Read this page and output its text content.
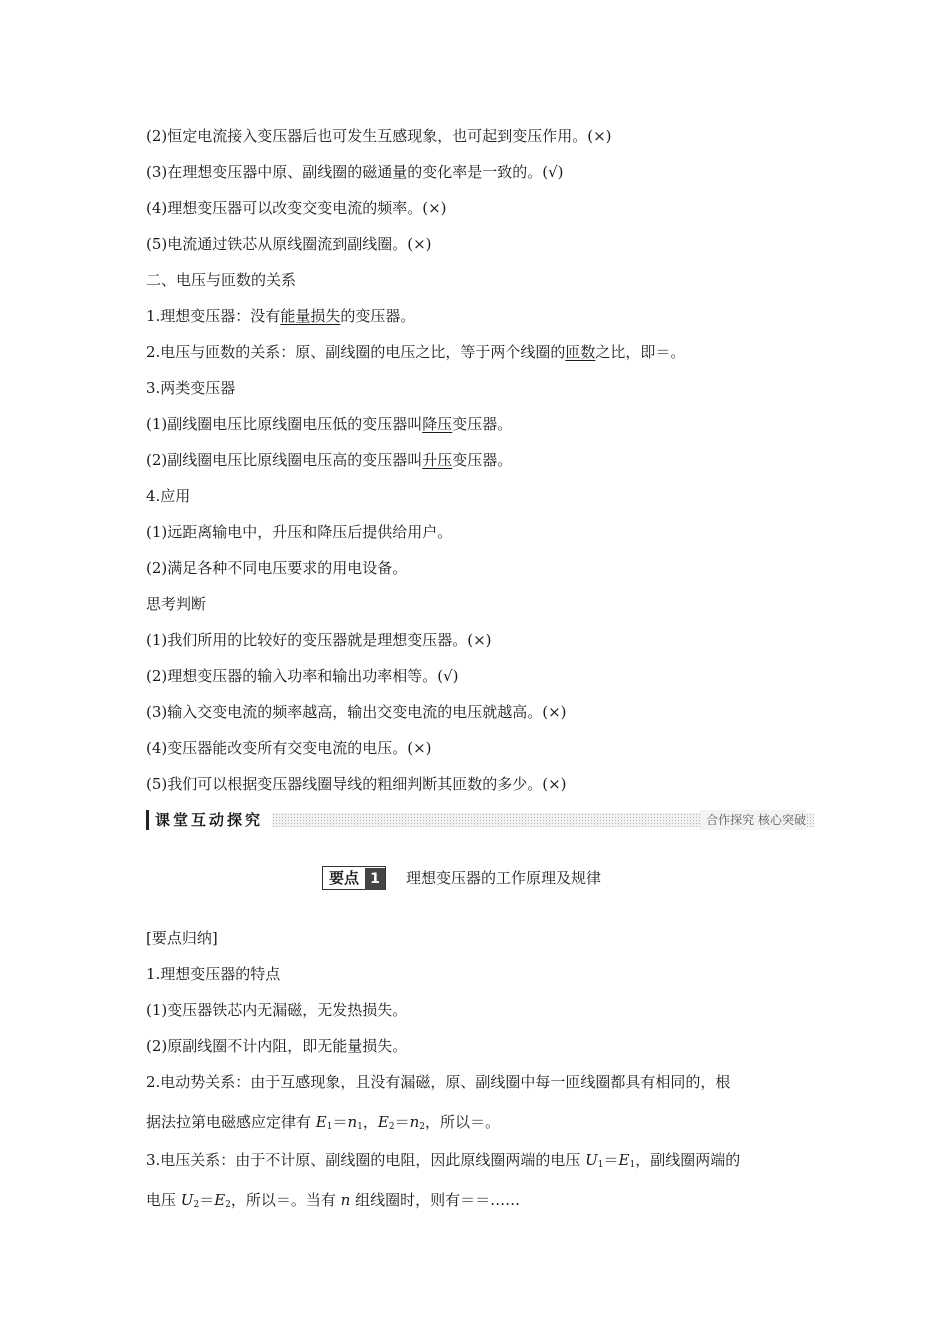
(2)恒定电流接入变压器后也可发生互感现象，也可起到变压作用。(×)
(3)在理想变压器中原、副线圈的磁通量的变化率是一致的。(√)
(4)理想变压器可以改变交变电流的频率。(×)
(5)电流通过铁芯从原线圈流到副线圈。(×)
二、电压与匝数的关系
1.理想变压器：没有能量损失的变压器。
2.电压与匝数的关系：原、副线圈的电压之比，等于两个线圈的匝数之比，即＝。
3.两类变压器
(1)副线圈电压比原线圈电压低的变压器叫降压变压器。
(2)副线圈电压比原线圈电压高的变压器叫升压变压器。
4.应用
(1)远距离输电中，升压和降压后提供给用户。
(2)满足各种不同电压要求的用电设备。
思考判断
(1)我们所用的比较好的变压器就是理想变压器。(×)
(2)理想变压器的输入功率和输出功率相等。(√)
(3)输入交变电流的频率越高，输出交变电流的电压就越高。(×)
(4)变压器能改变所有交变电流的电压。(×)
(5)我们可以根据变压器线圈导线的粗细判断其匝数的多少。(×)
课堂互动探究	合作探究 核心突破
要点 1 理想变压器的工作原理及规律
[要点归纳]
1.理想变压器的特点
(1)变压器铁芯内无漏磁，无发热损失。
(2)原副线圈不计内阻，即无能量损失。
2.电动势关系：由于互感现象，且没有漏磁，原、副线圈中每一匝线圈都具有相同的，根
据法拉第电磁感应定律有 $E_1=n_1$，$E_2=n_2$，所以＝。
3.电压关系：由于不计原、副线圈的电阻，因此原线圈两端的电压 $U_1=E_1$，副线圈两端的
电压 $U_2=E_2$，所以＝。当有 n 组线圈时，则有＝＝……
